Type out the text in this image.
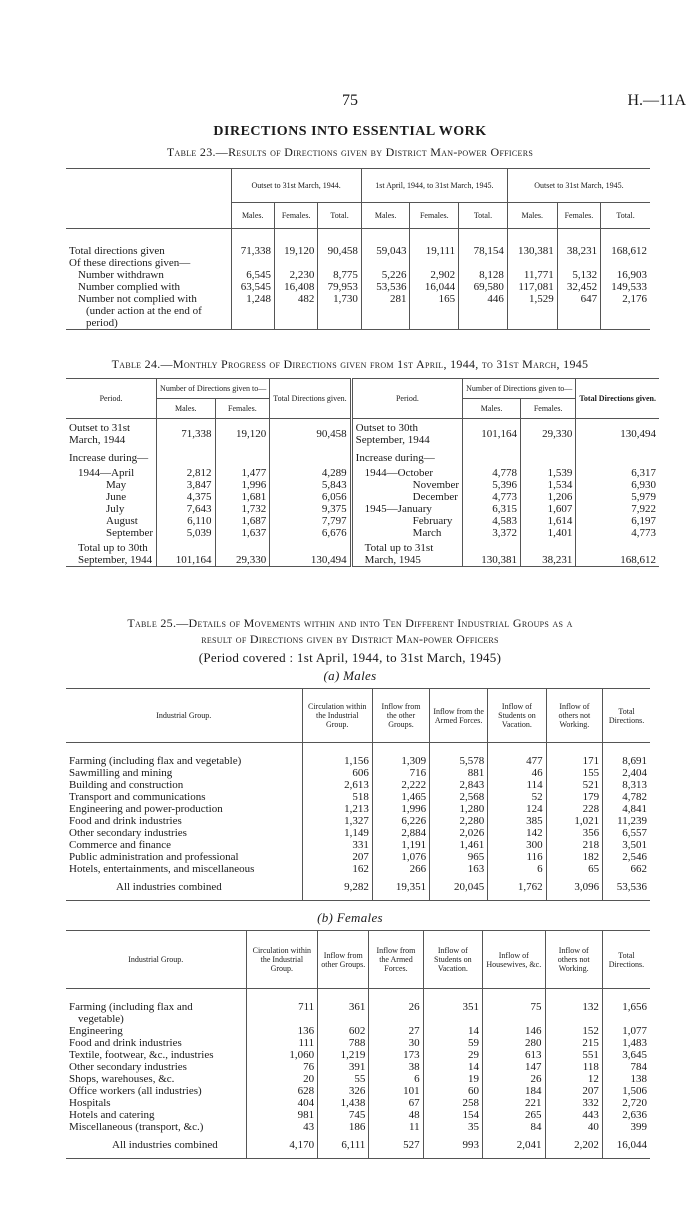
75	H.—11A
DIRECTIONS INTO ESSENTIAL WORK
Table 23.—Results of Directions given by District Man-power Officers
	Outset to 31st March, 1944.			1st April, 1944, to 31st March, 1945.			Outset to 31st March, 1945.		
	Males.	Females.	Total.	Males.	Females.	Total.	Males.	Females.	Total.
Total directions given	71,338	19,120	90,458	59,043	19,111	78,154	130,381	38,231	168,612
Of these directions given—									
Number withdrawn	6,545	2,230	8,775	5,226	2,902	8,128	11,771	5,132	16,903
Number complied with	63,545	16,408	79,953	53,536	16,044	69,580	117,081	32,452	149,533
Number not complied with	1,248	482	1,730	281	165	446	1,529	647	2,176
(under action at the end of									
period)									
Table 24.—Monthly Progress of Directions given from 1st April, 1944, to 31st March, 1945
Period.	Number of Directions given to—		Total Directions given.	Period.	Number of Directions given to—		Total Directions given.
	Males.	Females.			Males.	Females.	
Outset to 31st March, 1944	71,338	19,120	90,458	Outset to 30th September, 1944	101,164	29,330	130,494
Increase during—				Increase during—			
1944—April	2,812	1,477	4,289	1944—October	4,778	1,539	6,317
May	3,847	1,996	5,843	November	5,396	1,534	6,930
June	4,375	1,681	6,056	December	4,773	1,206	5,979
July	7,643	1,732	9,375	1945—January	6,315	1,607	7,922
August	6,110	1,687	7,797	February	4,583	1,614	6,197
September	5,039	1,637	6,676	March	3,372	1,401	4,773
Total up to 30th September, 1944	101,164	29,330	130,494	Total up to 31st March, 1945	130,381	38,231	168,612
Table 25.—Details of Movements within and into Ten Different Industrial Groups as a
result of Directions given by District Man-power Officers
(Period covered : 1st April, 1944, to 31st March, 1945)
(a) Males
Industrial Group.	Circulation within the Industrial Group.	Inflow from the other Groups.	Inflow from the Armed Forces.	Inflow of Students on Vacation.	Inflow of others not Working.	Total Directions.
Farming (including flax and vegetable)	1,156	1,309	5,578	477	171	8,691
Sawmilling and mining	606	716	881	46	155	2,404
Building and construction	2,613	2,222	2,843	114	521	8,313
Transport and communications	518	1,465	2,568	52	179	4,782
Engineering and power-production	1,213	1,996	1,280	124	228	4,841
Food and drink industries	1,327	6,226	2,280	385	1,021	11,239
Other secondary industries	1,149	2,884	2,026	142	356	6,557
Commerce and finance	331	1,191	1,461	300	218	3,501
Public administration and professional	207	1,076	965	116	182	2,546
Hotels, entertainments, and miscellaneous	162	266	163	6	65	662
All industries combined	9,282	19,351	20,045	1,762	3,096	53,536
(b) Females
Industrial Group.	Circulation within the Industrial Group.	Inflow from other Groups.	Inflow from the Armed Forces.	Inflow of Students on Vacation.	Inflow of Housewives, &c.	Inflow of others not Working.	Total Directions.
Farming (including flax and	711	361	26	351	75	132	1,656
vegetable)							
Engineering	136	602	27	14	146	152	1,077
Food and drink industries	111	788	30	59	280	215	1,483
Textile, footwear, &c., industries	1,060	1,219	173	29	613	551	3,645
Other secondary industries	76	391	38	14	147	118	784
Shops, warehouses, &c.	20	55	6	19	26	12	138
Office workers (all industries)	628	326	101	60	184	207	1,506
Hospitals	404	1,438	67	258	221	332	2,720
Hotels and catering	981	745	48	154	265	443	2,636
Miscellaneous (transport, &c.)	43	186	11	35	84	40	399
All industries combined	4,170	6,111	527	993	2,041	2,202	16,044
